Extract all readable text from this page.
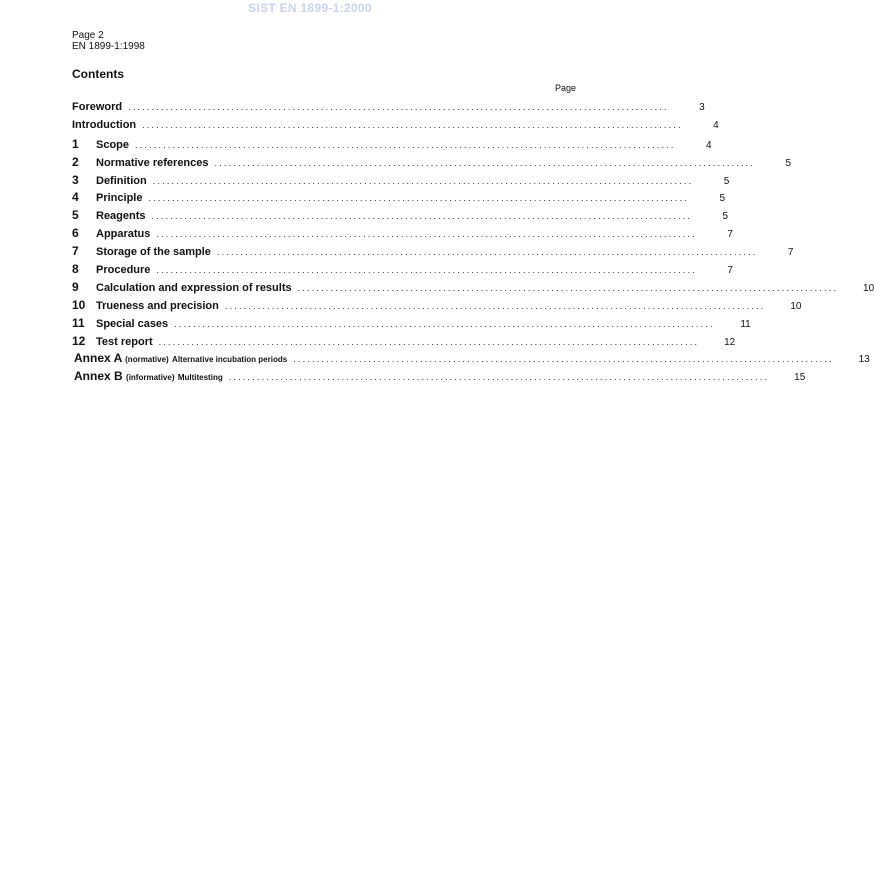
SIST EN 1899-1:2000
Page 2
EN 1899-1:1998
Contents
Page
Foreword ...................................................................................................................	3
Introduction ...................................................................................................................	4
1	Scope ...................................................................................................................	4
2	Normative references ...................................................................................................................	5
3	Definition ...................................................................................................................	5
4	Principle ...................................................................................................................	5
5	Reagents ...................................................................................................................	5
6	Apparatus ...................................................................................................................	7
7	Storage of the sample ...................................................................................................................	7
8	Procedure ...................................................................................................................	7
9	Calculation and expression of results ...................................................................................................................	10
10 Trueness and precision ...................................................................................................................	10
11	Special cases ...................................................................................................................	11
12 Test report ...................................................................................................................	12
Annex A (normative) Alternative incubation periods ...................................................................................................................	13
Annex B (informative) Multitesting ...................................................................................................................	15
